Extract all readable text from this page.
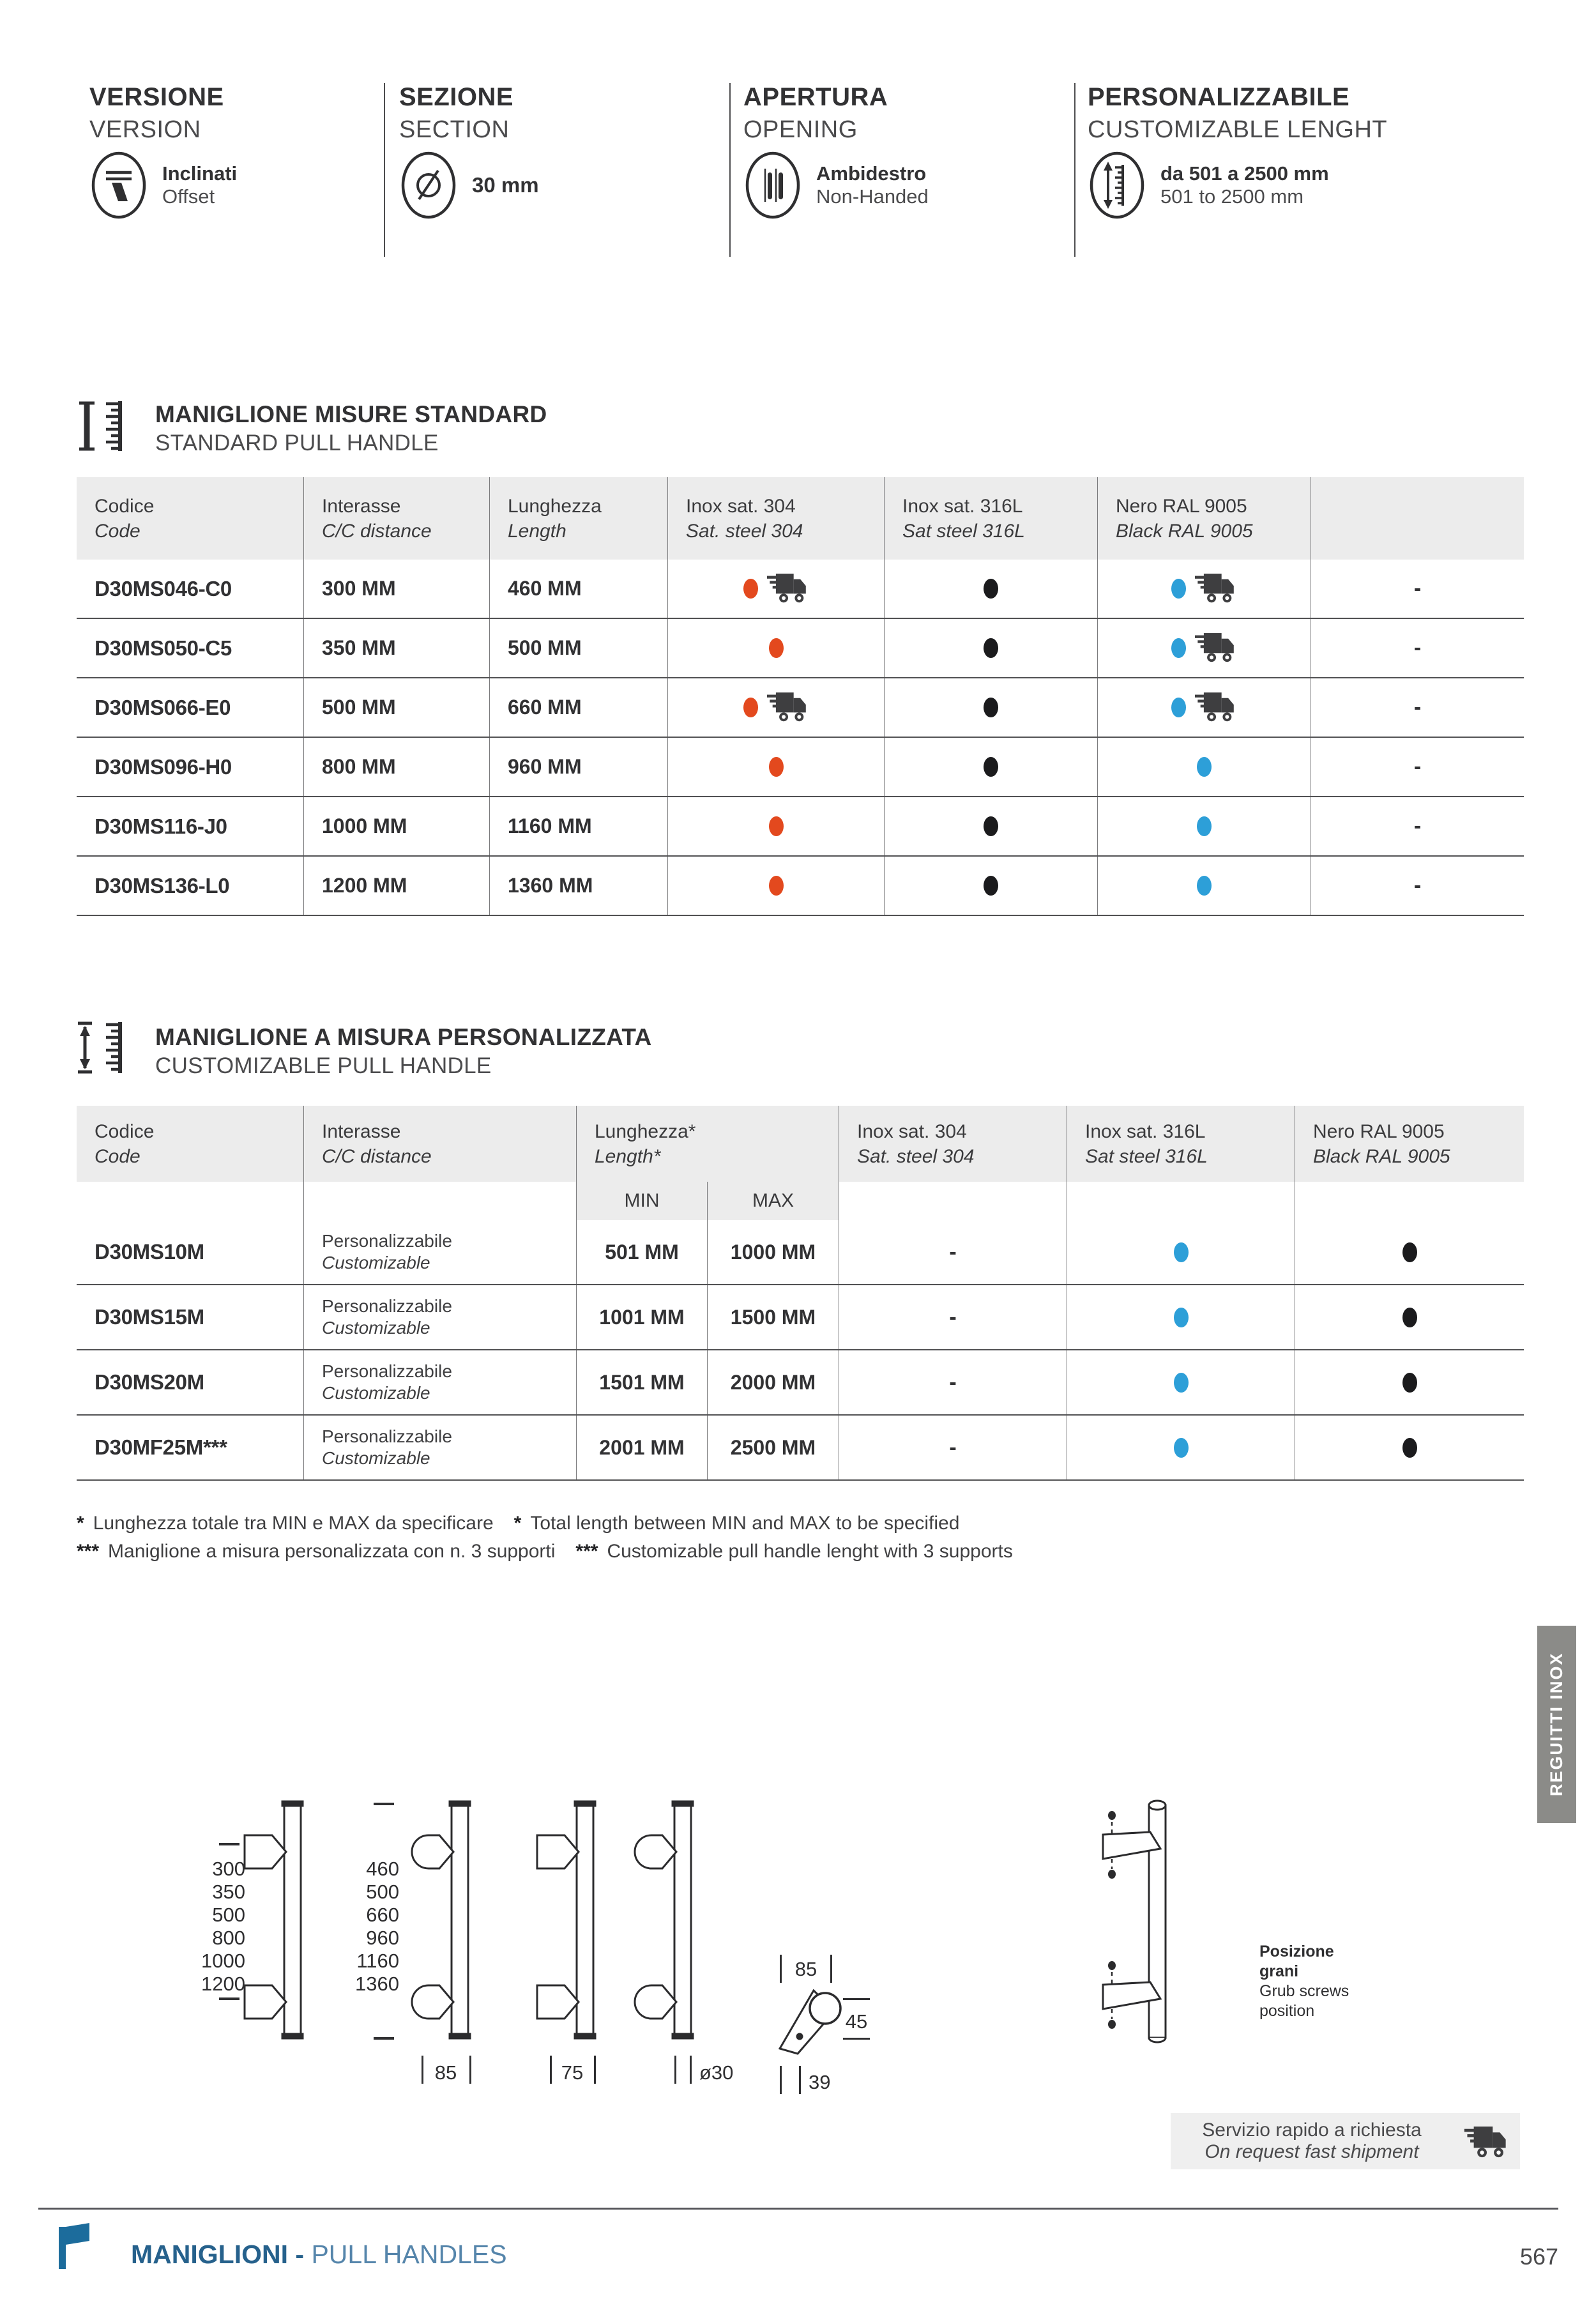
VERSIONE
VERSION
Inclinati
Offset
SEZIONE
SECTION
30 mm
APERTURA
OPENING
Ambidestro
Non-Handed
PERSONALIZZABILE
CUSTOMIZABLE LENGHT
da 501 a 2500 mm
501 to 2500 mm
MANIGLIONE MISURE STANDARD
STANDARD PULL HANDLE
Codice
Code
Interasse
C/C distance
Lunghezza
Length
Inox sat. 304
Sat. steel 304
Inox sat. 316L
Sat steel 316L
Nero RAL 9005
Black RAL 9005
D30MS046-C0	300 MM	460 MM	-
D30MS050-C5	350 MM	500 MM	-
D30MS066-E0	500 MM	660 MM	-
D30MS096-H0	800 MM	960 MM	-
D30MS116-J0	1000 MM	1160 MM	-
D30MS136-L0	1200 MM	1360 MM	-
MANIGLIONE A MISURA PERSONALIZZATA
CUSTOMIZABLE PULL HANDLE
Codice
Code
Interasse
C/C distance
Lunghezza*
Length*
Inox sat. 304
Sat. steel 304
Inox sat. 316L
Sat steel 316L
Nero RAL 9005
Black RAL 9005
MIN	MAX
D30MS10M	Personalizzabile
Customizable	501 MM	1000 MM	-
D30MS15M	Personalizzabile
Customizable	1001 MM 1500 MM	-
D30MS20M	Personalizzabile
Customizable	1501 MM 2000 MM	-
D30MF25M***	Personalizzabile
Customizable	2001 MM 2500 MM	-
* Lunghezza totale tra MIN e MAX da specificare * Total length between MIN and MAX to be specified
*** Maniglione a misura personalizzata con n. 3 supporti *** Customizable pull handle lenght with 3 supports
REGUITTI INOX
300
350
500
800
1000
1200
460
500
660
960
1160
1360
85	75	ø30
85
45
39
Posizione
grani
Grub screws
position
Servizio rapido a richiesta
On request fast shipment
MANIGLIONI - PULL HANDLES	567
